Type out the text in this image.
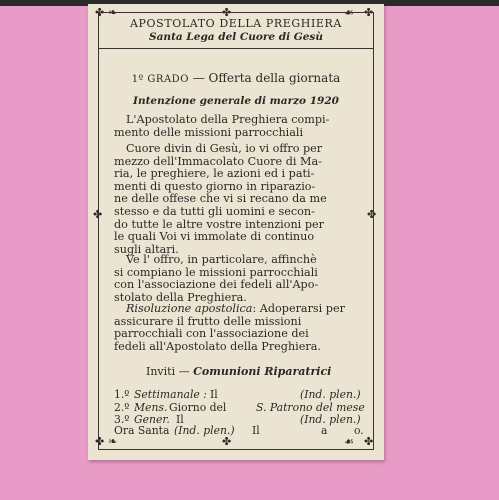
✤ ❧	✤	☙ ✤
✤	✤
✤ ❧	✤	☙ ✤
APOSTOLATO DELLA PREGHIERA
Santa Lega del Cuore di Gesù
1º GRADO — Offerta della giornata
Intenzione generale di marzo 1920
L'Apostolato della Preghiera compi-
mento delle missioni parrocchiali
Cuore divin di Gesù, io vi offro per
mezzo dell'Immacolato Cuore di Ma-
ria, le preghiere, le azioni ed i pati-
menti di questo giorno in riparazio-
ne delle offese che vi si recano da me
stesso e da tutti gli uomini e secon-
do tutte le altre vostre intenzioni per
le quali Voi vi immolate di continuo
sugli altari.
Ve l' offro, in particolare, affinchè
si compiano le missioni parrocchiali
con l'associazione dei fedeli all'Apo-
stolato della Preghiera.
Risoluzione apostolica: Adoperarsi per
assicurare il frutto delle missioni
parrocchiali con l'associazione dei
fedeli all'Apostolato della Preghiera.
Inviti — Comunioni Riparatrici
1.º Settimanale : Il	(Ind. plen.)
2.º Mens. Giorno del	S. Patrono del mese
3.º Gener. Il	(Ind. plen.)
Ora Santa (Ind. plen.) Il	a o.
